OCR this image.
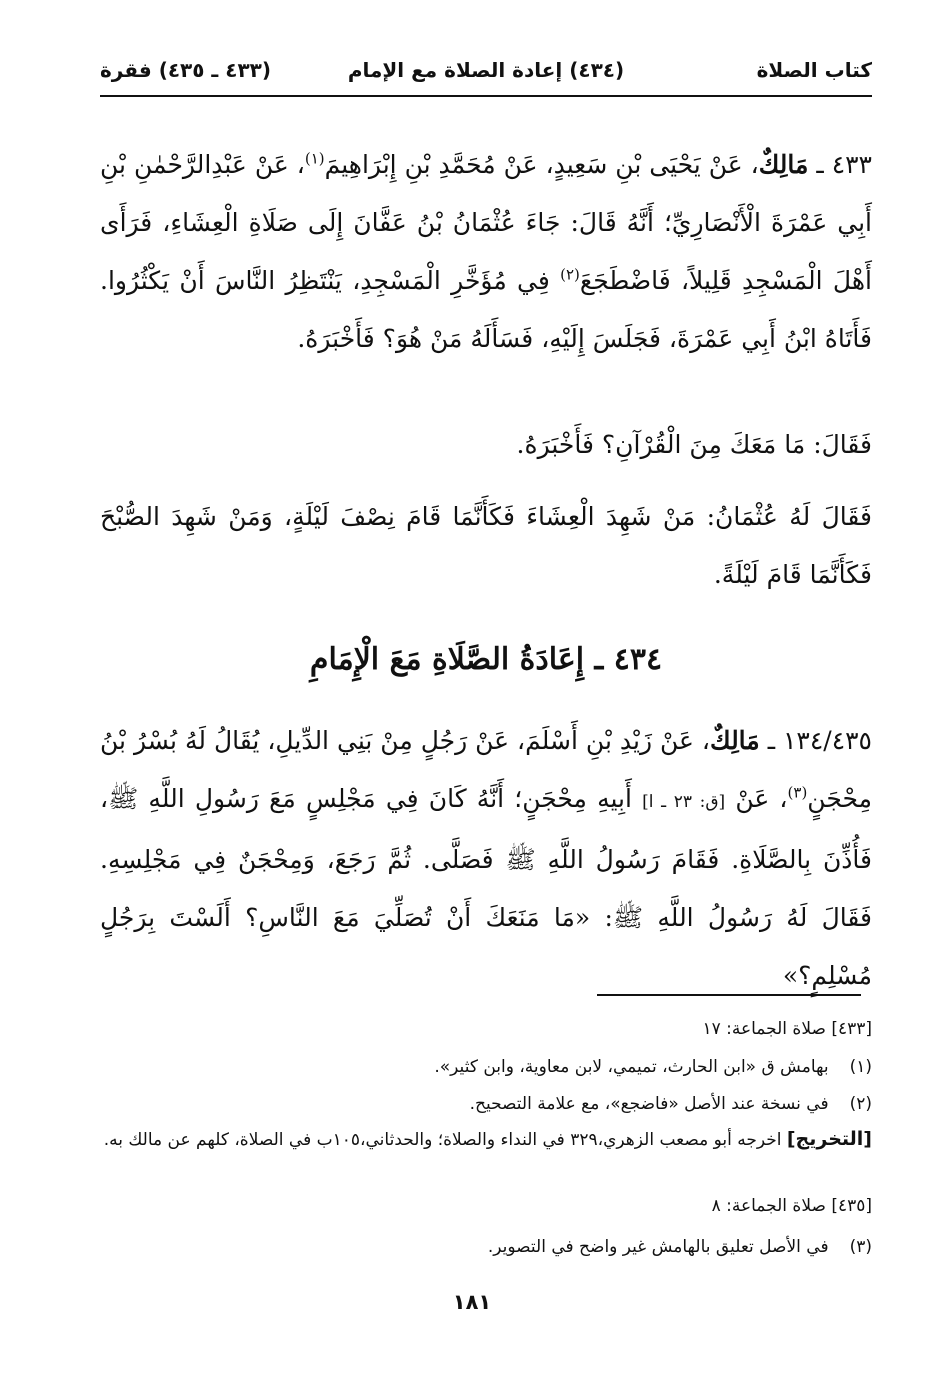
كتاب الصلاة
(٤٣٤) إعادة الصلاة مع الإمام
(٤٣٣ ـ ٤٣٥) فقرة

٤٣٣ ـ مَالِكٌ، عَنْ يَحْيَى بْنِ سَعِيدٍ، عَنْ مُحَمَّدِ بْنِ إِبْرَاهِيمَ$^{(١)}$، عَنْ عَبْدِالرَّحْمٰنِ بْنِ أَبِي عَمْرَةَ الْأَنْصَارِيِّ؛ أَنَّهُ قَالَ: جَاءَ عُثْمَانُ بْنُ عَفَّانَ إِلَى صَلَاةِ الْعِشَاءِ، فَرَأَى أَهْلَ الْمَسْجِدِ قَلِيلاً، فَاضْطَجَعَ$^{(٢)}$ فِي مُؤَخَّرِ الْمَسْجِدِ، يَنْتَظِرُ النَّاسَ أَنْ يَكْثُرُوا. فَأَتَاهُ ابْنُ أَبِي عَمْرَةَ، فَجَلَسَ إِلَيْهِ، فَسَأَلَهُ مَنْ هُوَ؟ فَأَخْبَرَهُ.

فَقَالَ: مَا مَعَكَ مِنَ الْقُرْآنِ؟ فَأَخْبَرَهُ.

فَقَالَ لَهُ عُثْمَانُ: مَنْ شَهِدَ الْعِشَاءَ فَكَأَنَّمَا قَامَ نِصْفَ لَيْلَةٍ، وَمَنْ شَهِدَ الصُّبْحَ فَكَأَنَّمَا قَامَ لَيْلَةً.

٤٣٤ ـ إِعَادَةُ الصَّلَاةِ مَعَ الْإِمَامِ

١٣٤/٤٣٥ ـ مَالِكٌ، عَنْ زَيْدِ بْنِ أَسْلَمَ، عَنْ رَجُلٍ مِنْ بَنِي الدِّيلِ، يُقَالُ لَهُ بُسْرُ بْنُ مِحْجَنٍ$^{(٣)}$، عَنْ [ق: ٢٣ ـ ا] أَبِيهِ مِحْجَنٍ؛ أَنَّهُ كَانَ فِي مَجْلِسٍ مَعَ رَسُولِ اللَّهِ ﷺ، فَأُذِّنَ بِالصَّلَاةِ. فَقَامَ رَسُولُ اللَّهِ ﷺ فَصَلَّى. ثُمَّ رَجَعَ، وَمِحْجَنٌ فِي مَجْلِسِهِ. فَقَالَ لَهُ رَسُولُ اللَّهِ ﷺ: «مَا مَنَعَكَ أَنْ تُصَلِّيَ مَعَ النَّاسِ؟ أَلَسْتَ بِرَجُلٍ مُسْلِمٍ؟»

[٤٣٣] صلاة الجماعة: ١٧
(١) بهامش ق «ابن الحارث، تميمي، لابن معاوية، وابن كثير».
(٢) في نسخة عند الأصل «فاضجع»، مع علامة التصحيح.
[التخريج] اخرجه أبو مصعب الزهري،٣٢٩ في النداء والصلاة؛ والحدثاني،١٠٥ب في الصلاة، كلهم عن مالك به.
[٤٣٥] صلاة الجماعة: ٨
(٣) في الأصل تعليق بالهامش غير واضح في التصوير.
١٨١
